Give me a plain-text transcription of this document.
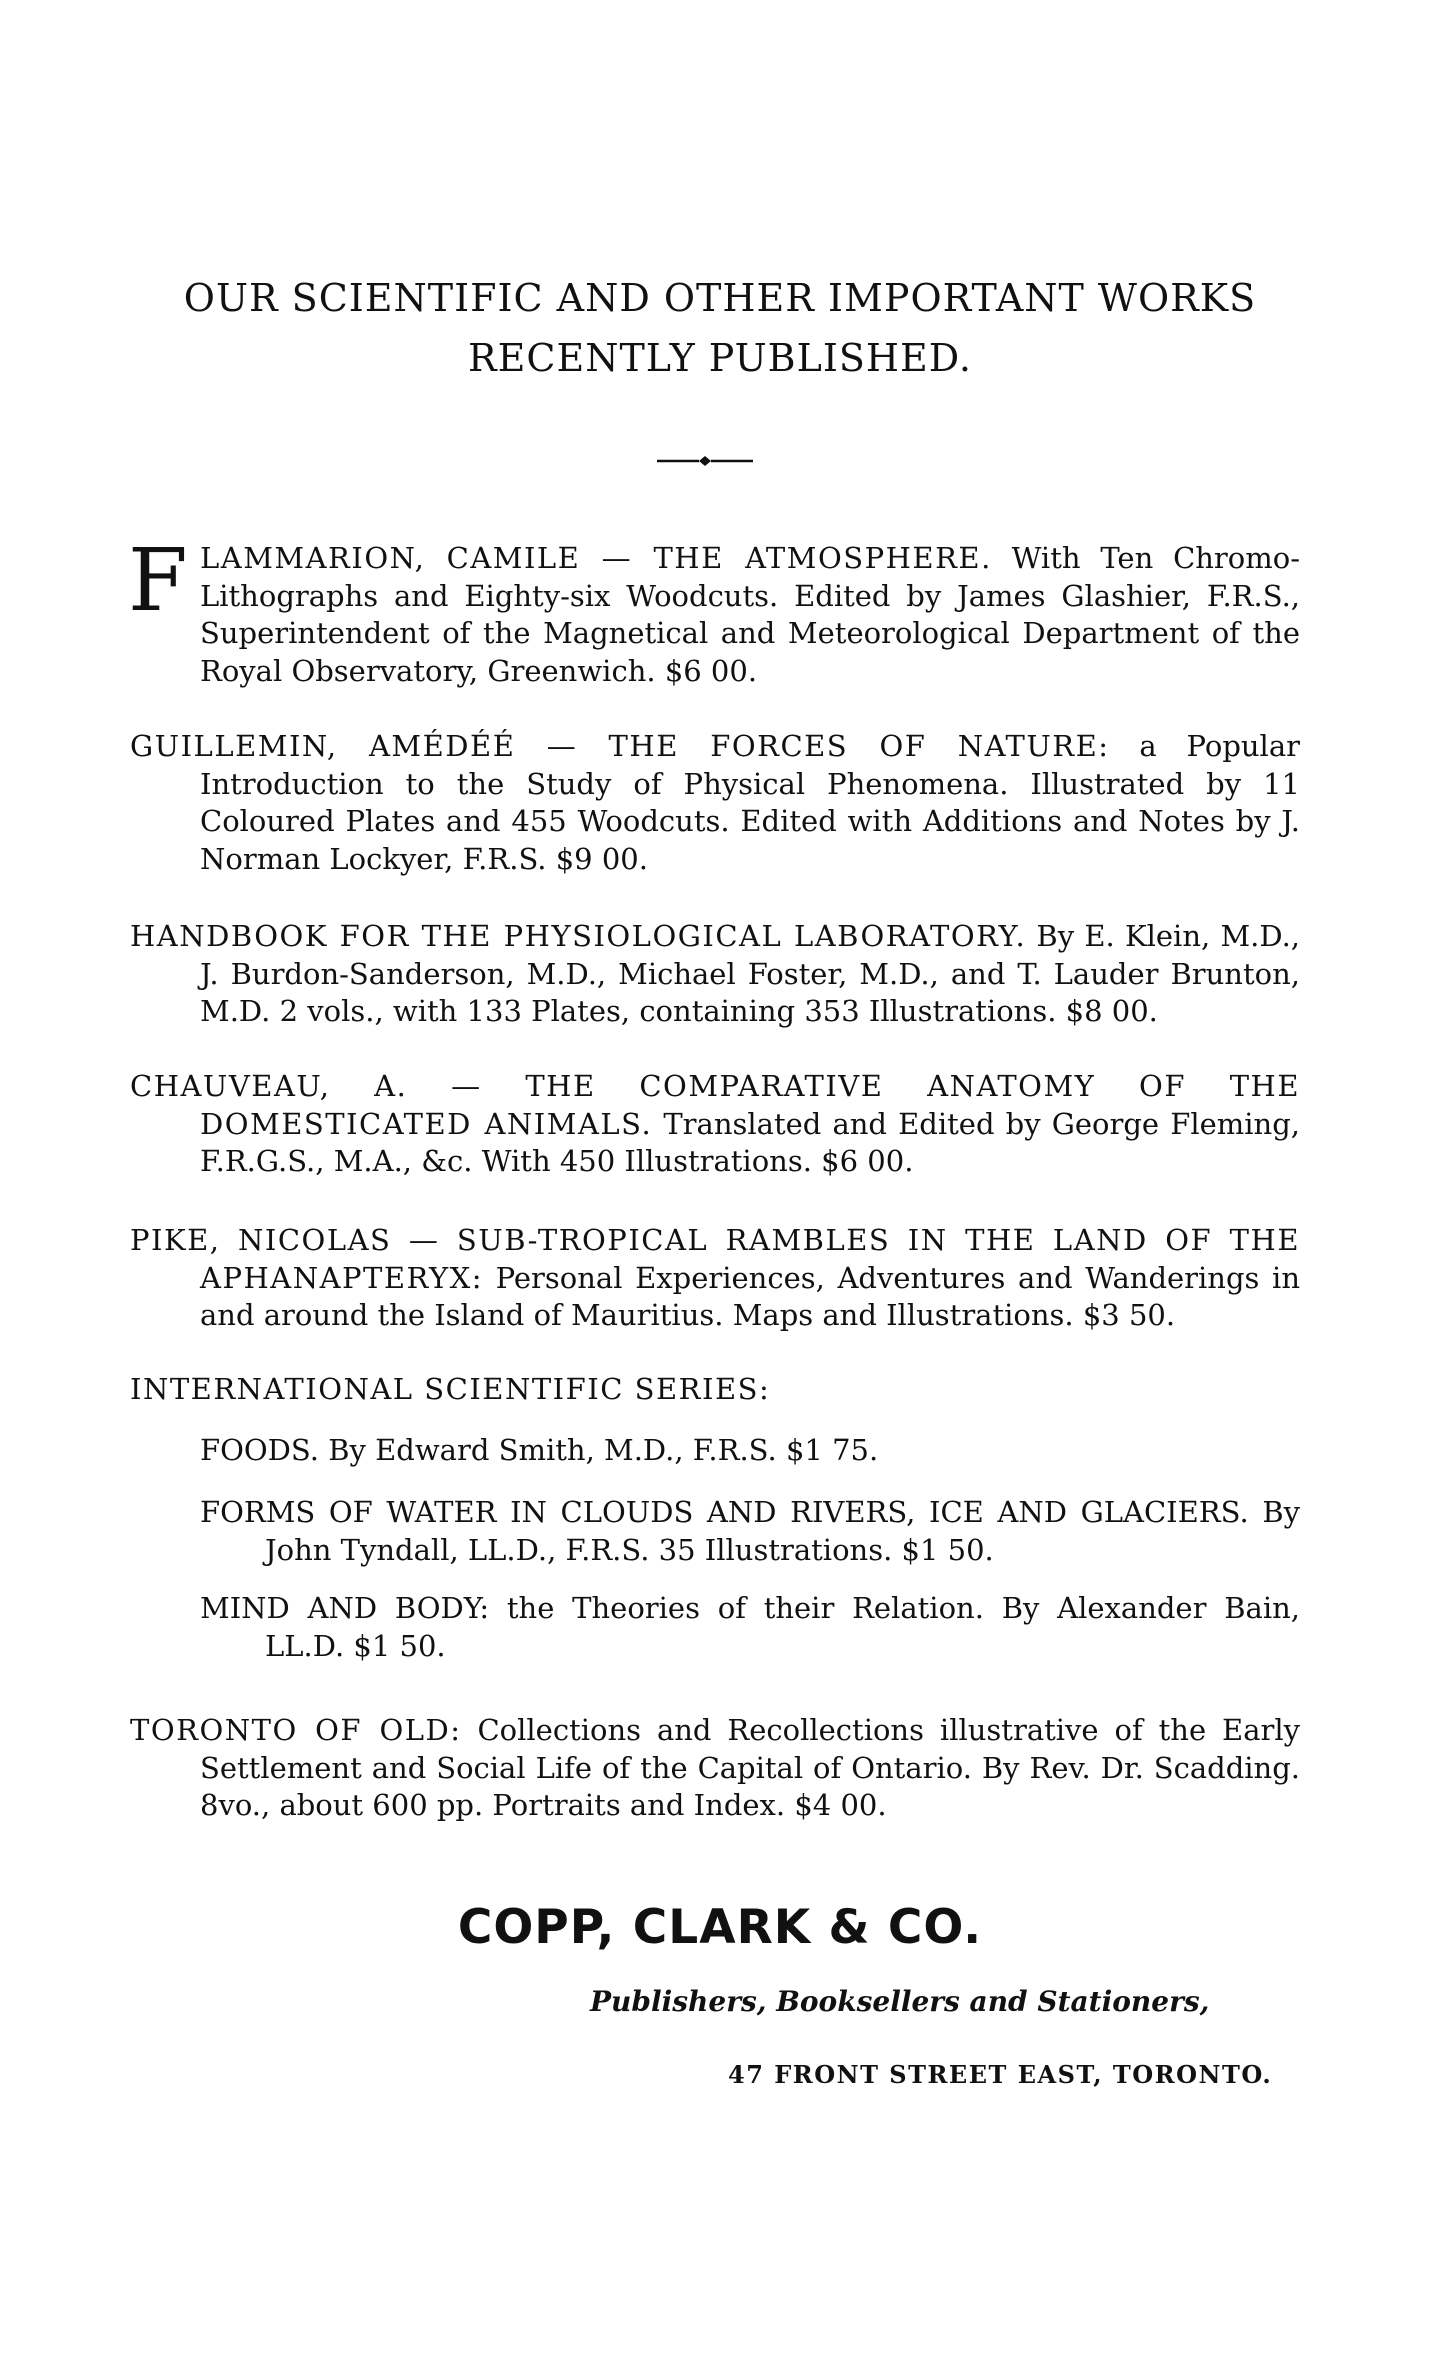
OUR SCIENTIFIC AND OTHER IMPORTANT WORKS
RECENTLY PUBLISHED.
F LAMMARION, CAMILE — THE ATMOSPHERE. With Ten Chromo-Lithographs and Eighty-six Woodcuts. Edited by James Glashier, F.R.S., Superintendent of the Magnetical and Meteorological Department of the Royal Observatory, Greenwich. $6 00.
GUILLEMIN, AMÉDÉÉ — THE FORCES OF NATURE: a Popular Introduction to the Study of Physical Phenomena. Illustrated by 11 Coloured Plates and 455 Woodcuts. Edited with Additions and Notes by J. Norman Lockyer, F.R.S. $9 00.
HANDBOOK FOR THE PHYSIOLOGICAL LABORATORY. By E. Klein, M.D., J. Burdon-Sanderson, M.D., Michael Foster, M.D., and T. Lauder Brunton, M.D. 2 vols., with 133 Plates, containing 353 Illustrations. $8 00.
CHAUVEAU, A. — THE COMPARATIVE ANATOMY OF THE DOMESTICATED ANIMALS. Translated and Edited by George Fleming, F.R.G.S., M.A., &c. With 450 Illustrations. $6 00.
PIKE, NICOLAS — SUB-TROPICAL RAMBLES IN THE LAND OF THE APHANAPTERYX: Personal Experiences, Adventures and Wanderings in and around the Island of Mauritius. Maps and Illustrations. $3 50.
INTERNATIONAL SCIENTIFIC SERIES:
FOODS. By Edward Smith, M.D., F.R.S. $1 75.
FORMS OF WATER IN CLOUDS AND RIVERS, ICE AND GLACIERS. By John Tyndall, LL.D., F.R.S. 35 Illustrations. $1 50.
MIND AND BODY: the Theories of their Relation. By Alexander Bain, LL.D. $1 50.
TORONTO OF OLD: Collections and Recollections illustrative of the Early Settlement and Social Life of the Capital of Ontario. By Rev. Dr. Scadding. 8vo., about 600 pp. Portraits and Index. $4 00.
COPP, CLARK & CO.
Publishers, Booksellers and Stationers,
47 FRONT STREET EAST, TORONTO.
